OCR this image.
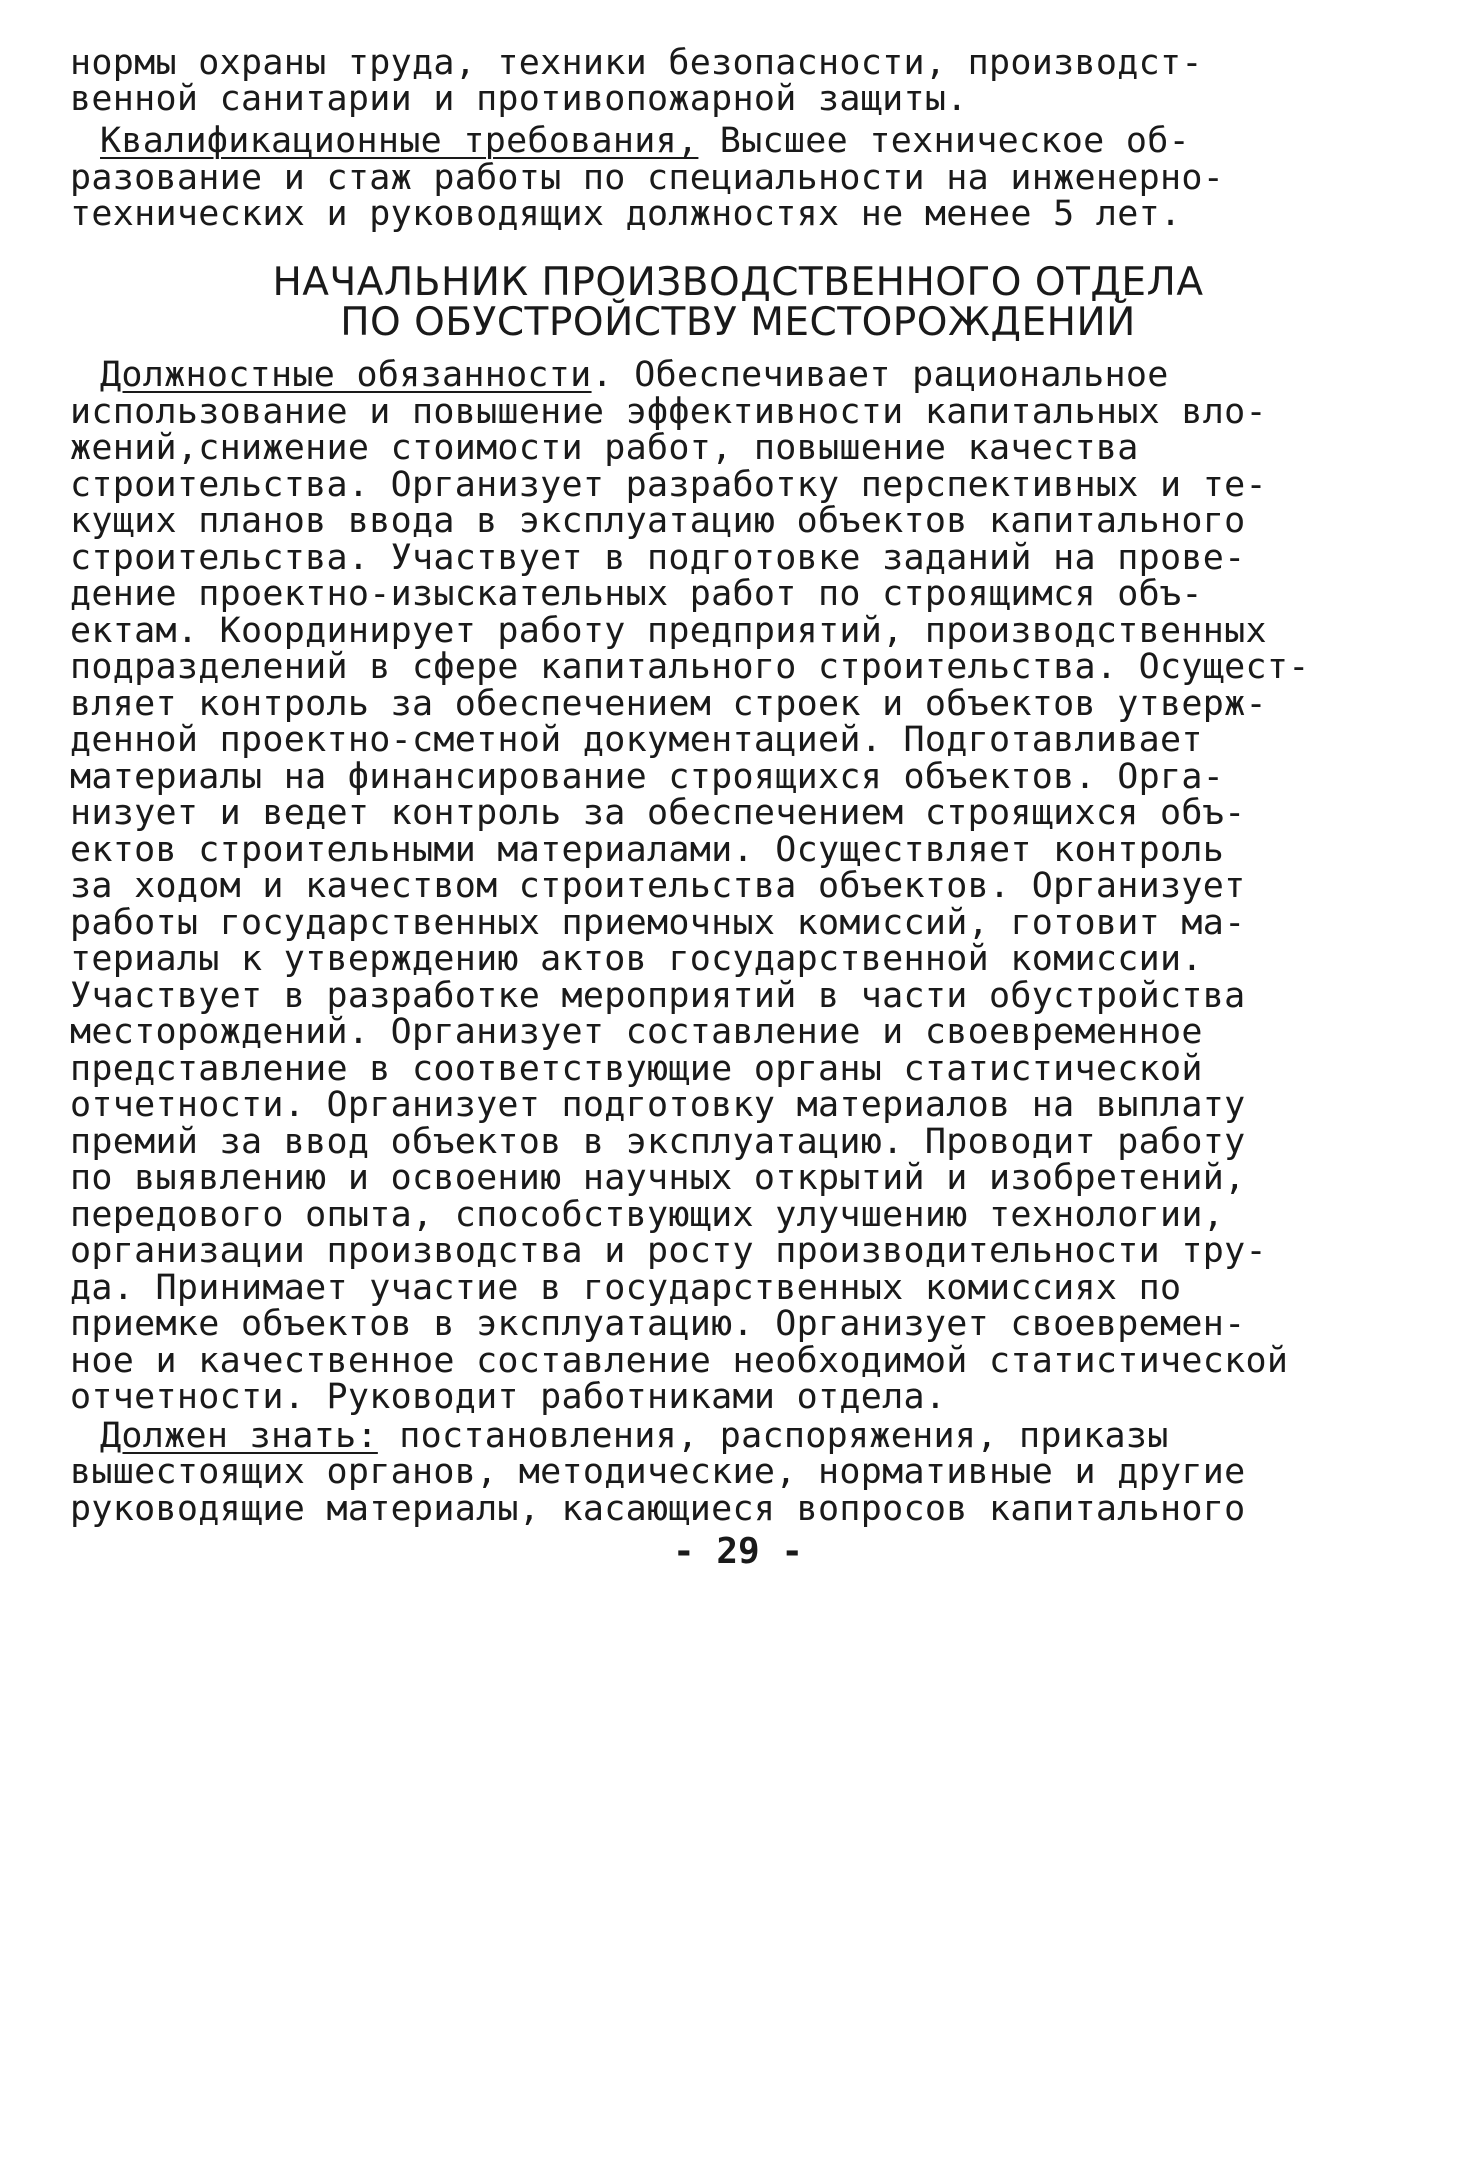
нормы охраны труда, техники безопасности, производст-
венной санитарии и противопожарной защиты.
Квалификационные требования, Высшее техническое об-
разование и стаж работы по специальности на инженерно-
технических и руководящих должностях не менее 5 лет.
НАЧАЛЬНИК ПРОИЗВОДСТВЕННОГО ОТДЕЛА
ПО ОБУСТРОЙСТВУ МЕСТОРОЖДЕНИЙ
Должностные обязанности. Обеспечивает рациональное
использование и повышение эффективности капитальных вло-
жений,снижение стоимости работ, повышение качества
строительства. Организует разработку перспективных и те-
кущих планов ввода в эксплуатацию объектов капитального
строительства. Участвует в подготовке заданий на прове-
дение проектно-изыскательных работ по строящимся объ-
ектам. Координирует работу предприятий, производственных
подразделений в сфере капитального строительства. Осущест-
вляет контроль за обеспечением строек и объектов утверж-
денной проектно-сметной документацией. Подготавливает
материалы на финансирование строящихся объектов. Орга-
низует и ведет контроль за обеспечением строящихся объ-
ектов строительными материалами. Осуществляет контроль
за ходом и качеством строительства объектов. Организует
работы государственных приемочных комиссий, готовит ма-
териалы к утверждению актов государственной комиссии.
Участвует в разработке мероприятий в части обустройства
месторождений. Организует составление и своевременное
представление в соответствующие органы статистической
отчетности. Организует подготовку материалов на выплату
премий за ввод объектов в эксплуатацию. Проводит работу
по выявлению и освоению научных открытий и изобретений,
передового опыта, способствующих улучшению технологии,
организации производства и росту производительности тру-
да. Принимает участие в государственных комиссиях по
приемке объектов в эксплуатацию. Организует своевремен-
ное и качественное составление необходимой статистической
отчетности. Руководит работниками отдела.
Должен знать: постановления, распоряжения, приказы
вышестоящих органов, методические, нормативные и другие
руководящие материалы, касающиеся вопросов капитального
- 29 -
